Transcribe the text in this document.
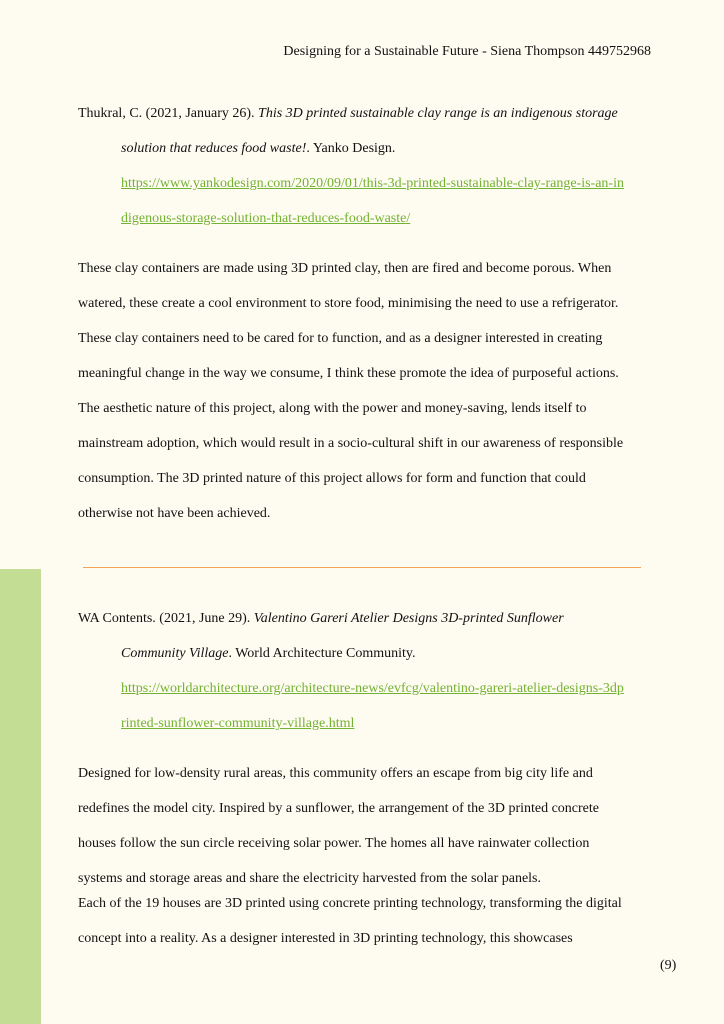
Designing for a Sustainable Future - Siena Thompson 449752968
Thukral, C. (2021, January 26). This 3D printed sustainable clay range is an indigenous storage
solution that reduces food waste!. Yanko Design.
https://www.yankodesign.com/2020/09/01/this-3d-printed-sustainable-clay-range-is-an-in
digenous-storage-solution-that-reduces-food-waste/
These clay containers are made using 3D printed clay, then are fired and become porous. When
watered, these create a cool environment to store food, minimising the need to use a refrigerator.
These clay containers need to be cared for to function, and as a designer interested in creating
meaningful change in the way we consume, I think these promote the idea of purposeful actions.
The aesthetic nature of this project, along with the power and money-saving, lends itself to
mainstream adoption, which would result in a socio-cultural shift in our awareness of responsible
consumption. The 3D printed nature of this project allows for form and function that could
otherwise not have been achieved.
WA Contents. (2021, June 29). Valentino Gareri Atelier Designs 3D-printed Sunflower
Community Village. World Architecture Community.
https://worldarchitecture.org/architecture-news/evfcg/valentino-gareri-atelier-designs-3dp
rinted-sunflower-community-village.html
Designed for low-density rural areas, this community offers an escape from big city life and
redefines the model city. Inspired by a sunflower, the arrangement of the 3D printed concrete
houses follow the sun circle receiving solar power. The homes all have rainwater collection
systems and storage areas and share the electricity harvested from the solar panels.
Each of the 19 houses are 3D printed using concrete printing technology, transforming the digital
concept into a reality. As a designer interested in 3D printing technology, this showcases
(9)
